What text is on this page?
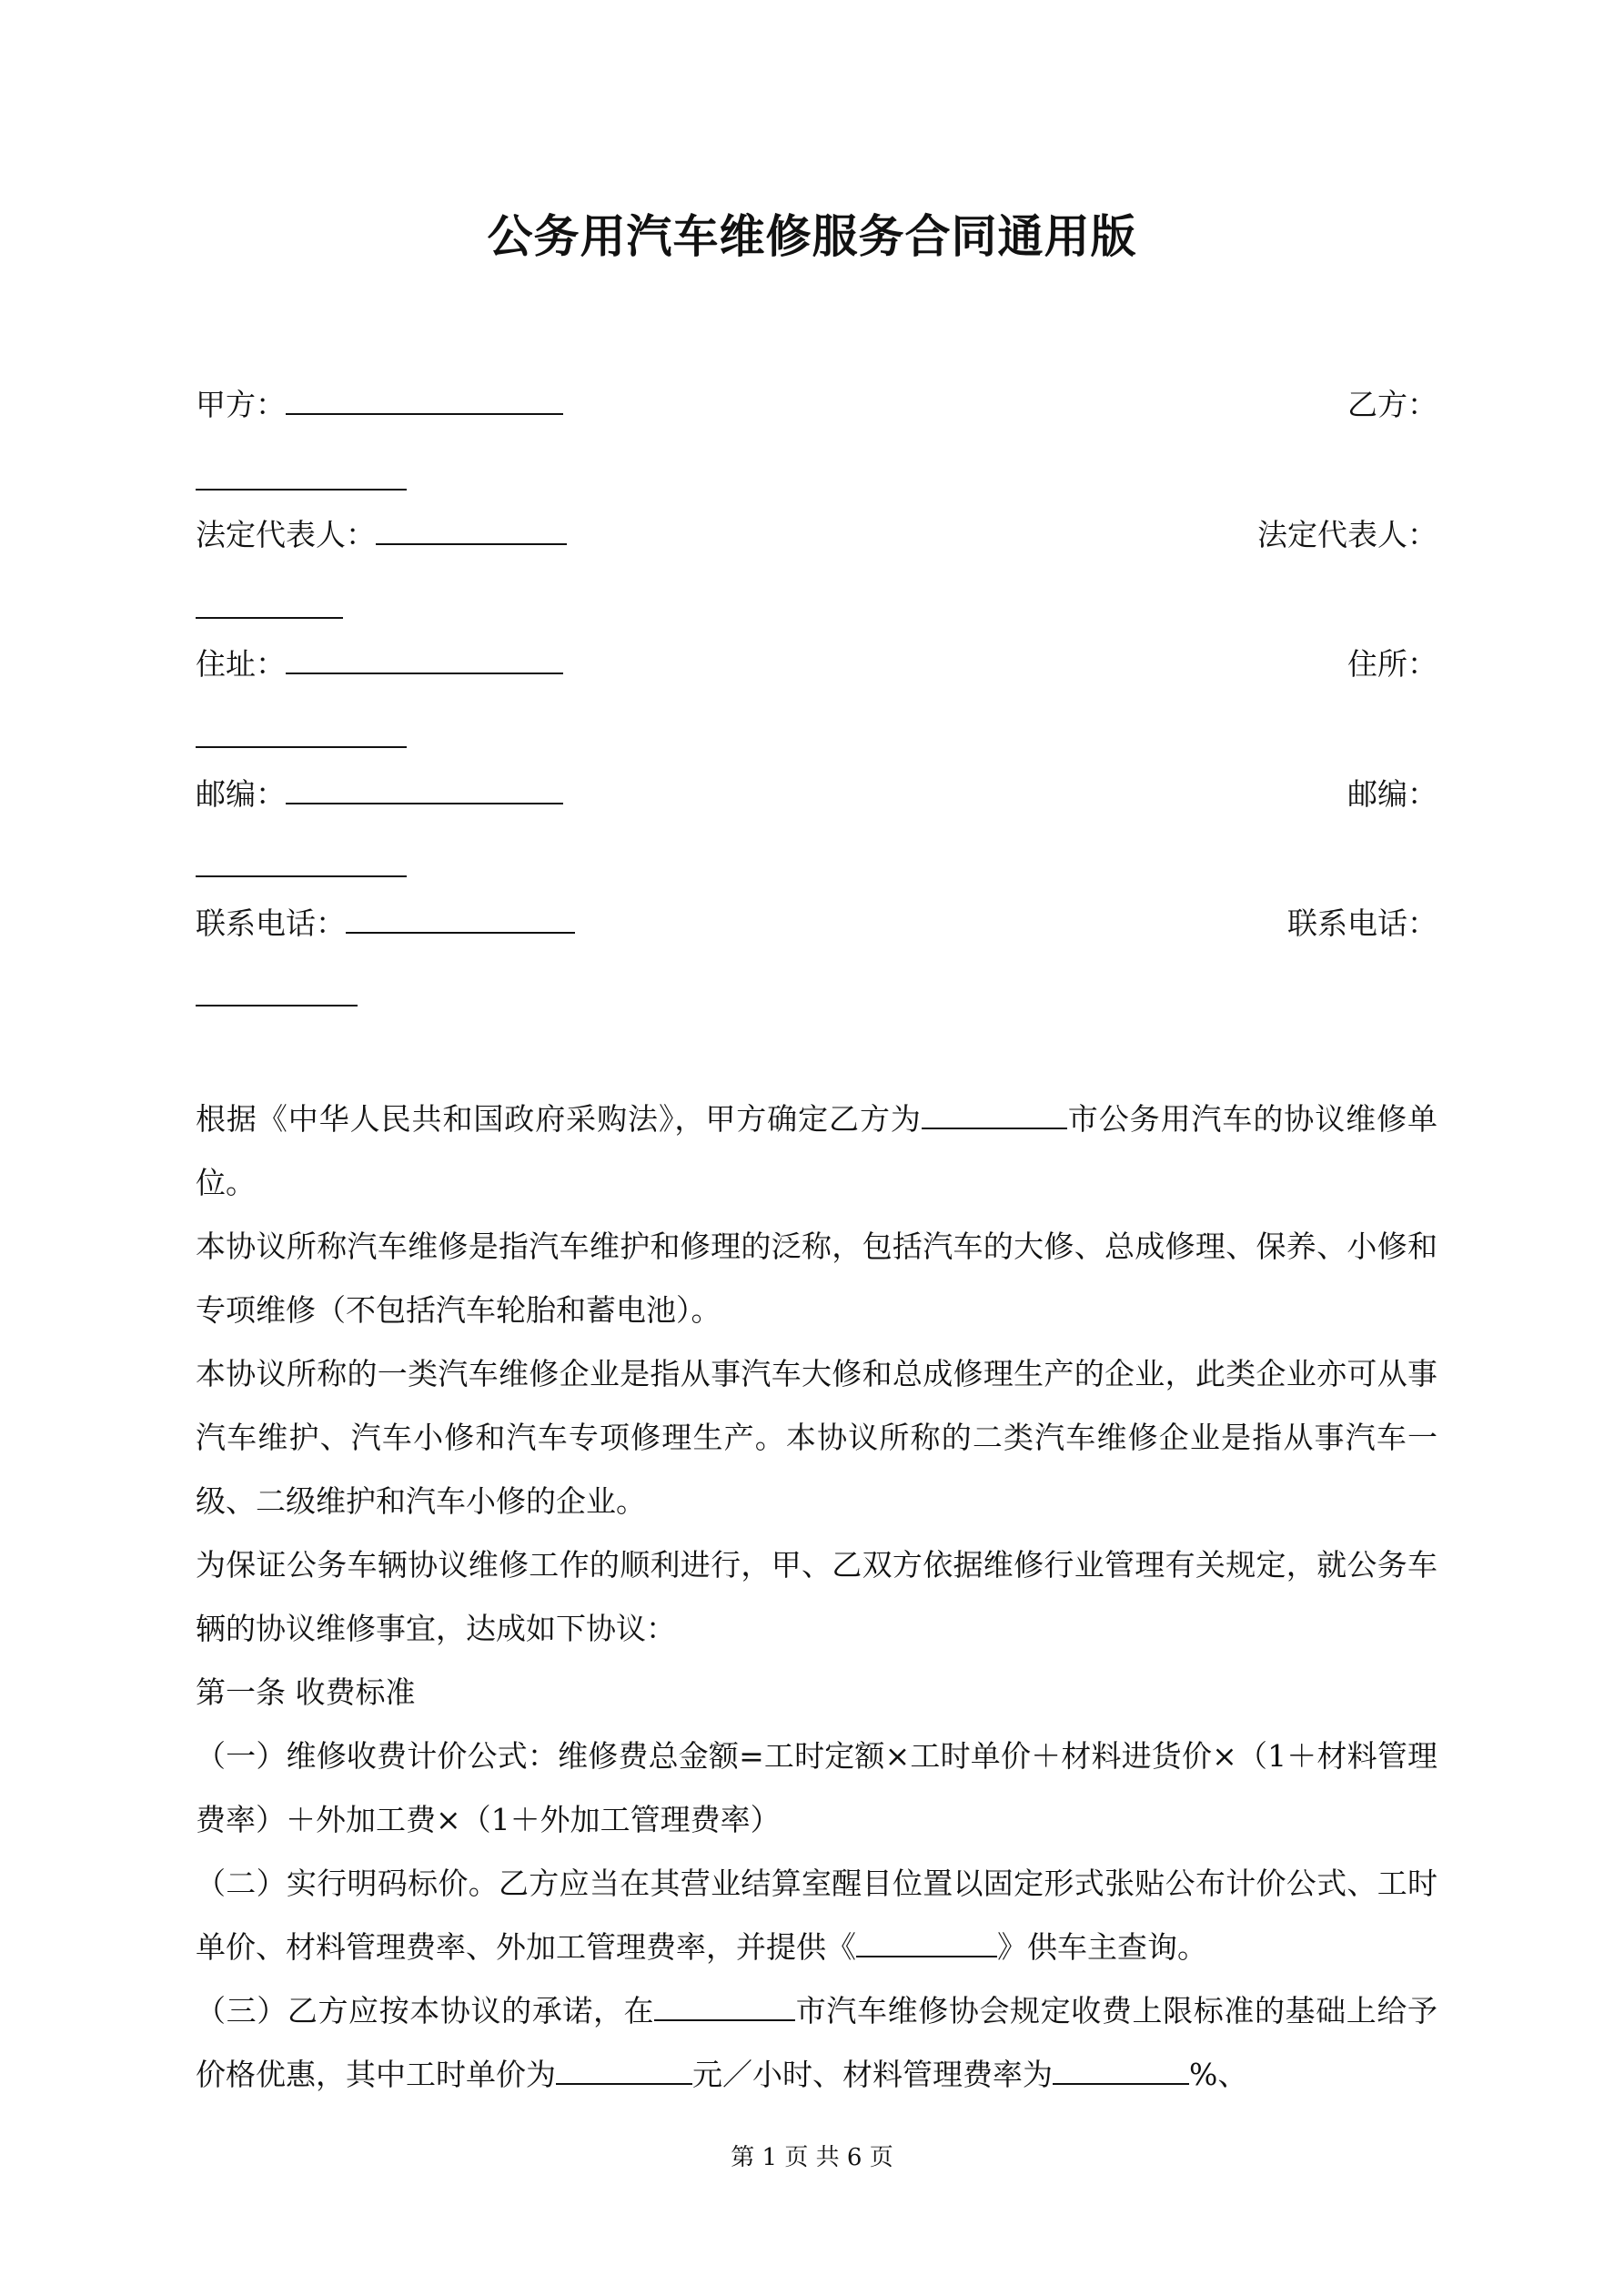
公务用汽车维修服务合同通用版
甲方：	乙方：
法定代表人：	法定代表人：
住址：	住所：
邮编：	邮编：
联系电话：	联系电话：

根据《中华人民共和国政府采购法》，甲方确定乙方为	市公务用汽车的协议维修单位。

本协议所称汽车维修是指汽车维护和修理的泛称，包括汽车的大修、总成修理、保养、小修和专项维修（不包括汽车轮胎和蓄电池）。

本协议所称的一类汽车维修企业是指从事汽车大修和总成修理生产的企业，此类企业亦可从事汽车维护、汽车小修和汽车专项修理生产。本协议所称的二类汽车维修企业是指从事汽车一级、二级维护和汽车小修的企业。

为保证公务车辆协议维修工作的顺利进行，甲、乙双方依据维修行业管理有关规定，就公务车辆的协议维修事宜，达成如下协议：

第一条 收费标准

（一）维修收费计价公式：维修费总金额=工时定额×工时单价＋材料进货价×（1＋材料管理费率）＋外加工费×（1＋外加工管理费率）

（二）实行明码标价。乙方应当在其营业结算室醒目位置以固定形式张贴公布计价公式、工时单价、材料管理费率、外加工管理费率，并提供《	》供车主查询。

（三）乙方应按本协议的承诺，在	市汽车维修协会规定收费上限标准的基础上给予价格优惠，其中工时单价为	元／小时、材料管理费率为	%、

第 1 页 共 6 页
